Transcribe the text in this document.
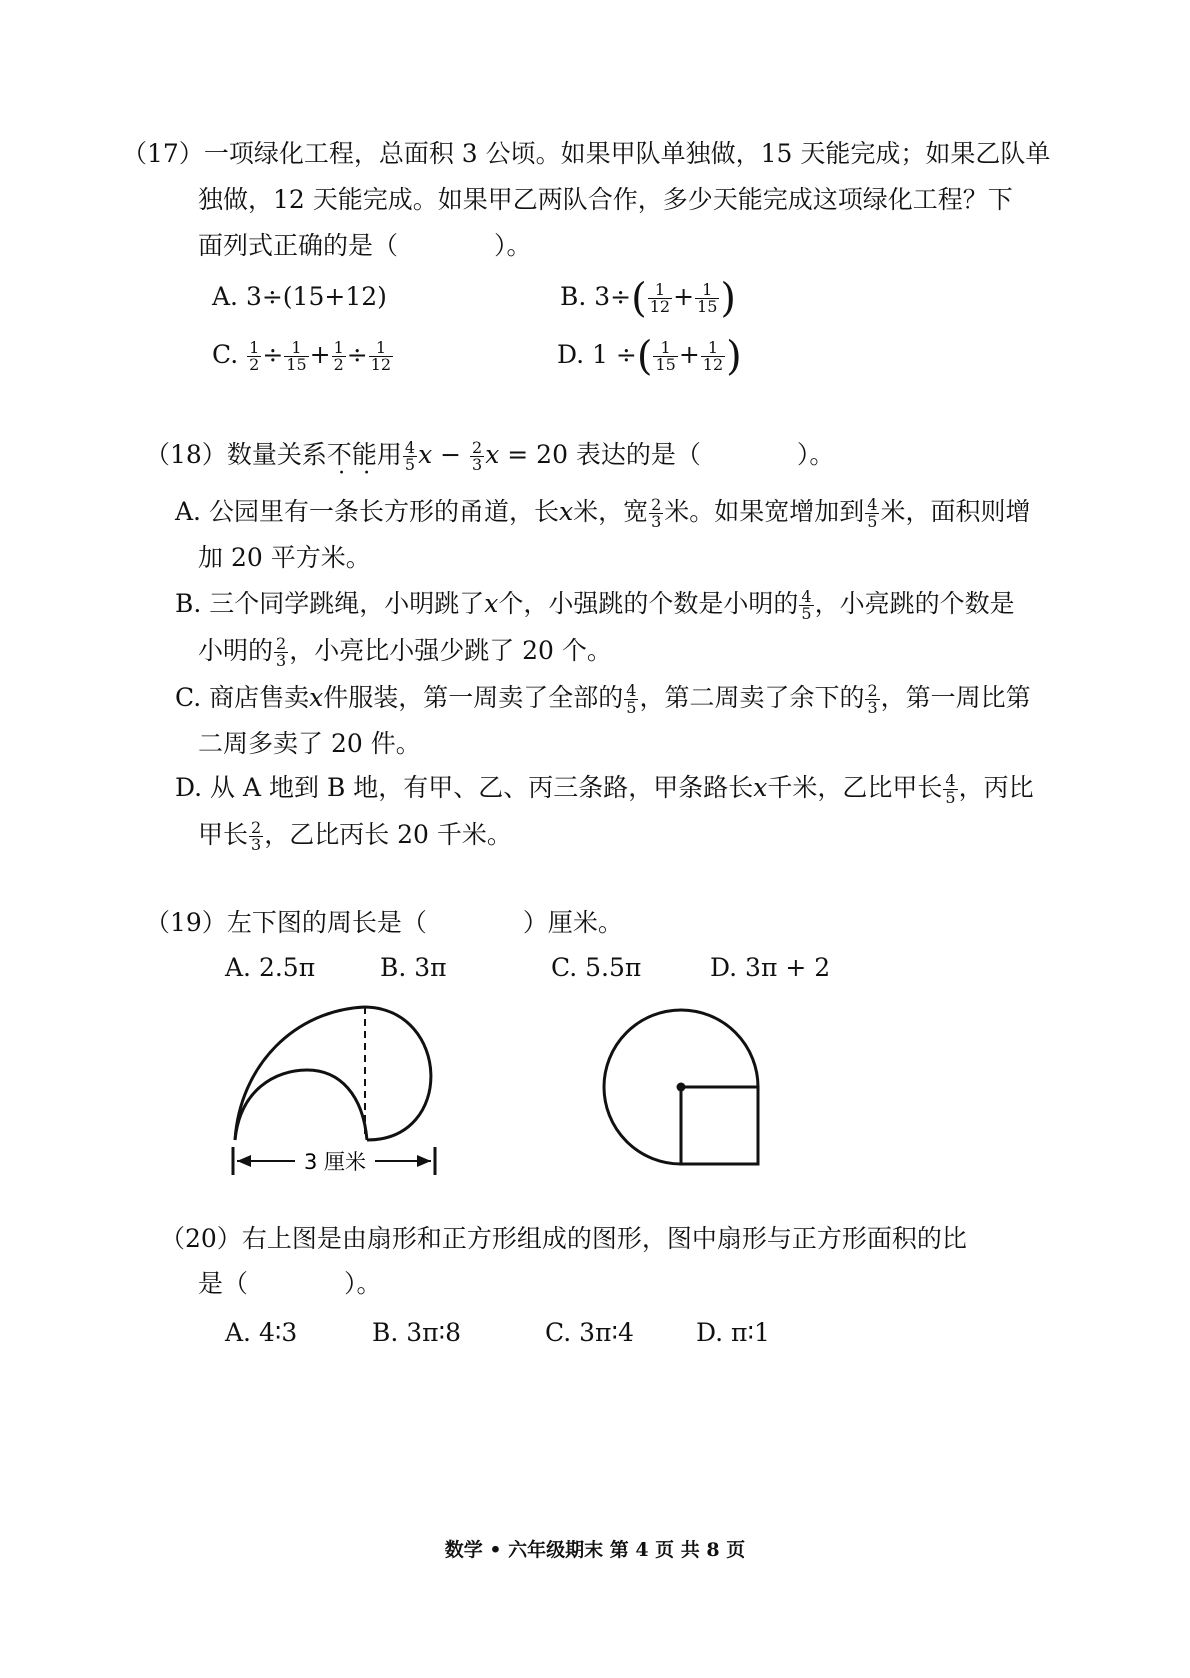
（17）一项绿化工程，总面积 3 公顷。如果甲队单独做，15 天能完成；如果乙队单
独做，12 天能完成。如果甲乙两队合作，多少天能完成这项绿化工程？下
面列式正确的是（	）。
A. 3÷(15+12)	B. $3\div( \frac{1}{12} + \frac{1}{15}$ )
C. $\frac{1}{2} \div \frac{1}{15} + \frac{1}{2} \div \frac{1}{12}$	D. 1 ÷( $\frac{1}{15} + \frac{1}{12}$ )
（18）数量关系不能用 $\frac{4}{5}$ $x - \frac{2}{3}$ x = 20 表达的是（	）。
A. 公园里有一条长方形的甬道，长x米，宽 $\frac{2}{3}$ 米。如果宽增加到 $\frac{4}{5}$ 米，面积则增
加 20 平方米。
B. 三个同学跳绳，小明跳了x个，小强跳的个数是小明的 $\frac{4}{5}$ ，小亮跳的个数是
小明的 $\frac{2}{3}$ ，小亮比小强少跳了 20 个。
C. 商店售卖x件服装，第一周卖了全部的 $\frac{4}{5}$ ，第二周卖了余下的 $\frac{2}{3}$ ，第一周比第
二周多卖了 20 件。
D. 从 A 地到 B 地，有甲、乙、丙三条路，甲条路长x千米，乙比甲长 $\frac{4}{5}$ ，丙比
甲长 $\frac{2}{3}$ ，乙比丙长 20 千米。
（19）左下图的周长是（	）厘米。
A. 2.5π	B. 3π	C. 5.5π	D. 3π + 2
3 厘米
（20）右上图是由扇形和正方形组成的图形，图中扇形与正方形面积的比
是（	）。
A. 4∶3	B. 3π∶8	C. 3π∶4 D. π∶1
数学 • 六年级期末 第 4 页 共 8 页
